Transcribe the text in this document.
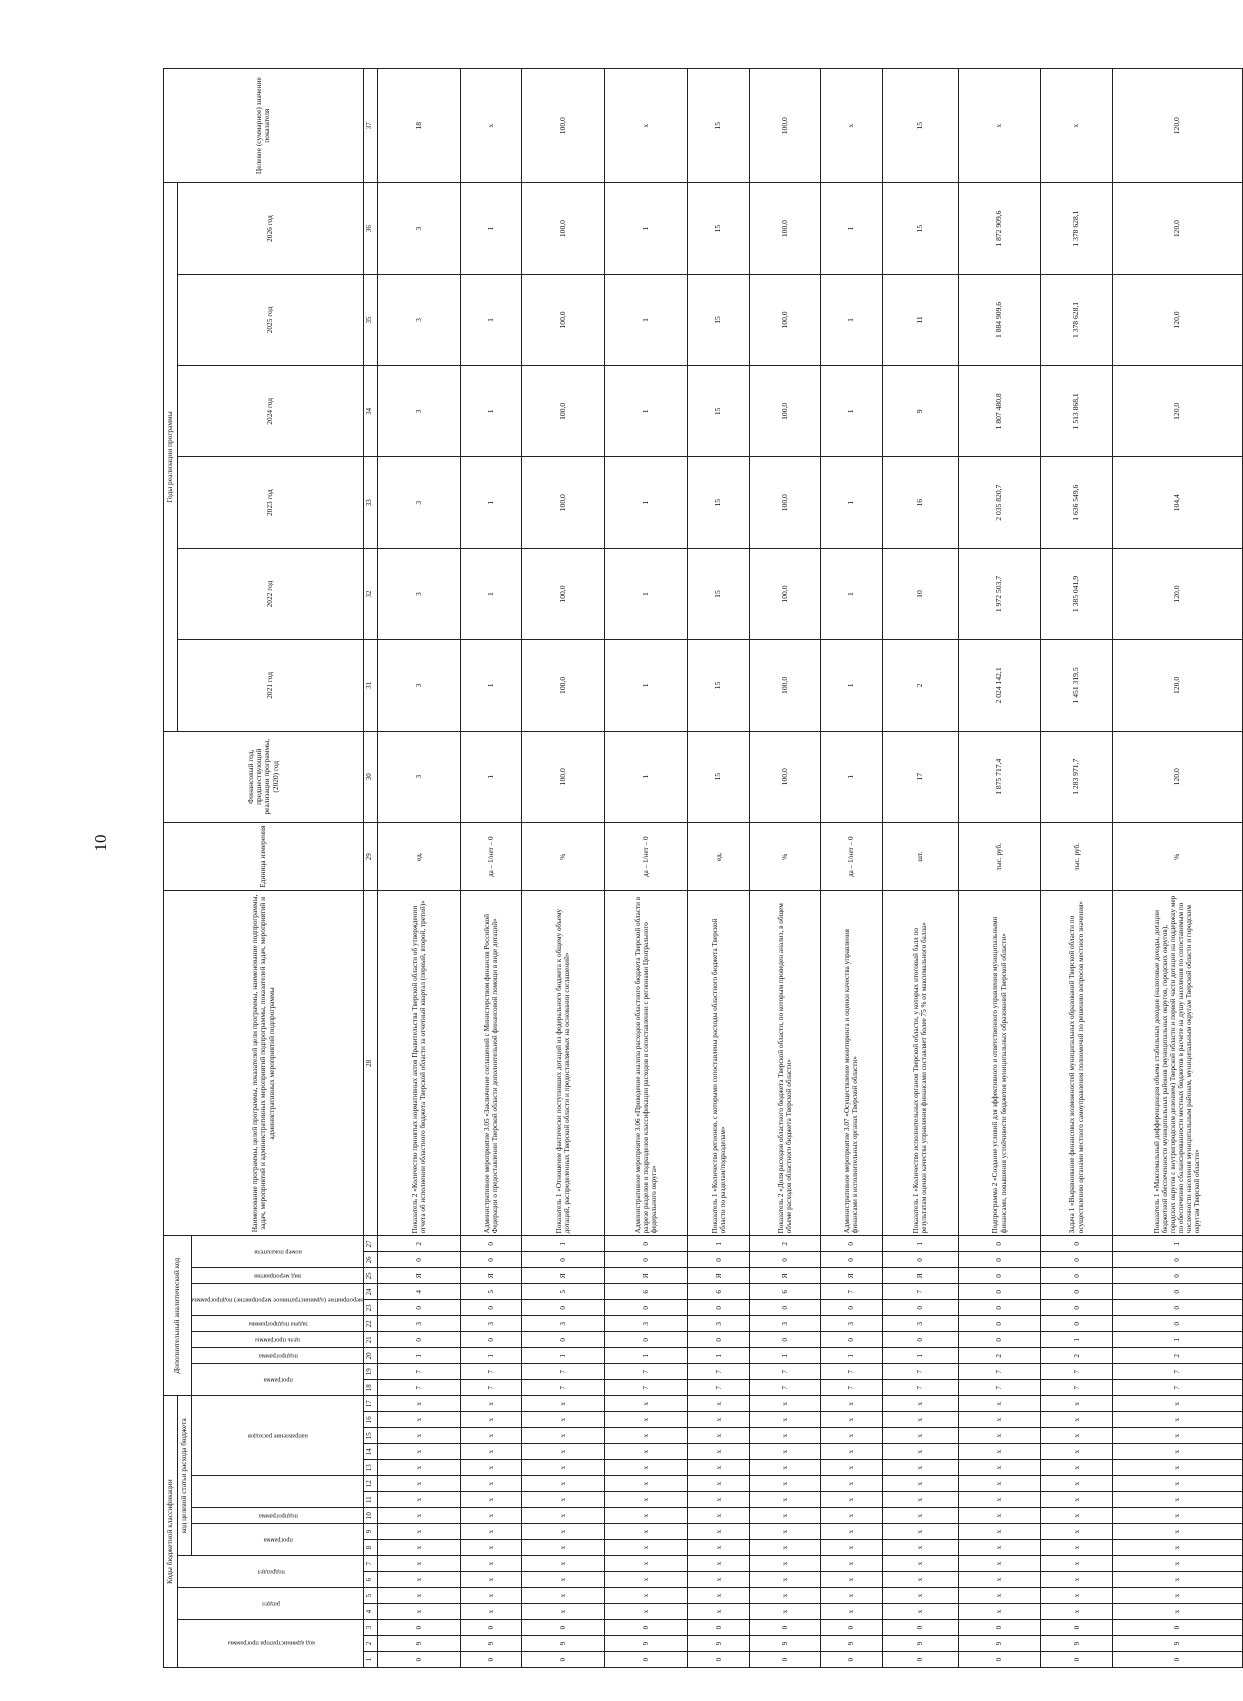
10
Коды бюджетной классификации																	Дополнительный аналитический код										Наименование программы, целей программы, показателей цели программы, наименование подпрограммы, задач, мероприятий и административных мероприятий подпрограммы, показателей задач, мероприятий и административных мероприятий подпрограммы	Единица измерения	Финансовый год, предшествующий реализации программы, (2020) год	Годы реализации программы						Целевое (суммарное) значение показателя
код администратора программы			раздел		подраздел		код целевой статьи расхода бюджета																							2021 год	2022 год	2023 год	2024 год	2025 год	2026 год	
							программа		подпрограмма			направление расходов					программа		подпрограмма	цель программы	задача подпрограммы	мероприятие (административное мероприятие) подпрограммы		вид мероприятия	номер показателя											
1	2	3	4	5	6	7	8	9	10	11	12	13	14	15	16	17	18	19	20	21	22	23	24	25	26	27	28	29	30	31	32	33	34	35	36	37
0	9	0	x	x	x	x	x	x	x	x	x	x	x	x	x	x	7	7	1	0	3	0	4	Я	0	2	Показатель 2 «Количество принятых нормативных актов Правительства Тверской области об утверждении отчета об исполнении областного бюджета Тверской области за отчетный квартал (первый, второй, третий)»	ед.	3	3	3	3	3	3	3	18
0	9	0	x	x	x	x	x	x	x	x	x	x	x	x	x	x	7	7	1	0	3	0	5	Я	0	0	Административное мероприятие 3.05 «Заключение соглашений с Министерством финансов Российской Федерации о предоставлении Тверской области дополнительной финансовой помощи в виде дотаций»	да – 1/нет – 0	1	1	1	1	1	1	1	x
0	9	0	x	x	x	x	x	x	x	x	x	x	x	x	x	x	7	7	1	0	3	0	5	Я	0	1	Показатель 1 «Отношение фактически поступивших дотаций из федерального бюджета к общему объему дотаций, распределенных Тверской области и предоставляемых на основании соглашений»	%	100,0	100,0	100,0	100,0	100,0	100,0	100,0	100,0
0	9	0	x	x	x	x	x	x	x	x	x	x	x	x	x	x	7	7	1	0	3	0	6	Я	0	0	Административное мероприятие 3.06 «Проведение анализа расходов областного бюджета Тверской области в разрезе разделов и подразделов классификации расходов в сопоставлении с регионами Центрального федерального округа»	да – 1/нет – 0	1	1	1	1	1	1	1	x
0	9	0	x	x	x	x	x	x	x	x	x	x	x	x	x	x	7	7	1	0	3	0	6	Я	0	1	Показатель 1 «Количество регионов, с которыми сопоставлены расходы областного бюджета Тверской области по разделам/подразделам»	ед.	15	15	15	15	15	15	15	15
0	9	0	x	x	x	x	x	x	x	x	x	x	x	x	x	x	7	7	1	0	3	0	6	Я	0	2	Показатель 2 «Доля расходов областного бюджета Тверской области, по которым проведен анализ, в общем объеме расходов областного бюджета Тверской области»	%	100,0	100,0	100,0	100,0	100,0	100,0	100,0	100,0
0	9	0	x	x	x	x	x	x	x	x	x	x	x	x	x	x	7	7	1	0	3	0	7	Я	0	0	Административное мероприятие 3.07 «Осуществление мониторинга и оценки качества управления финансами в исполнительных органах Тверской области»	да – 1/нет – 0	1	1	1	1	1	1	1	x
0	9	0	x	x	x	x	x	x	x	x	x	x	x	x	x	x	7	7	1	0	3	0	7	Я	0	1	Показатель 1 «Количество исполнительных органов Тверской области, у которых итоговый балл по результатам оценки качества управления финансами составляет более 75 % от максимального балла»	шт.	17	2	10	16	9	11	15	15
0	9	0	x	x	x	x	x	x	x	x	x	x	x	x	x	x	7	7	2	0	0	0	0	0	0	0	Подпрограмма 2 «Создание условий для эффективного и ответственного управления муниципальными финансами, повышения устойчивости бюджетов муниципальных образований Тверской области»	тыс. руб.	1 875 717,4	2 024 142,1	1 972 503,7	2 035 820,7	1 807 480,8	1 884 909,6	1 872 909,6	x
0	9	0	x	x	x	x	x	x	x	x	x	x	x	x	x	x	7	7	2	1	0	0	0	0	0	0	Задача 1 «Выравнивание финансовых возможностей муниципальных образований Тверской области по осуществлению органами местного самоуправления полномочий по решению вопросов местного значения»	тыс. руб.	1 283 971,7	1 451 319,5	1 385 041,9	1 636 549,6	1 513 868,1	1 378 628,1	1 378 628,1	x
0	9	0	x	x	x	x	x	x	x	x	x	x	x	x	x	x	7	7	2	1	0	0	0	0	0	1	Показатель 1 «Максимальный дифференциация объема стабильных доходов (налоговые доходы, дотации бюджетной обеспеченности муниципальных районов (муниципальных округов, городских округов), городских округов с внутригородским делением) Тверской области и первой части дотации на поддержку мер по обеспечению сбалансированности местных бюджетов в расчете на душу населения по сопоставимым по численности населения муниципальным районам, муниципальным округам Тверской области и городским округам Тверской области»	%	120,0	120,0	120,0	104,4	120,0	120,0	120,0	120,0
